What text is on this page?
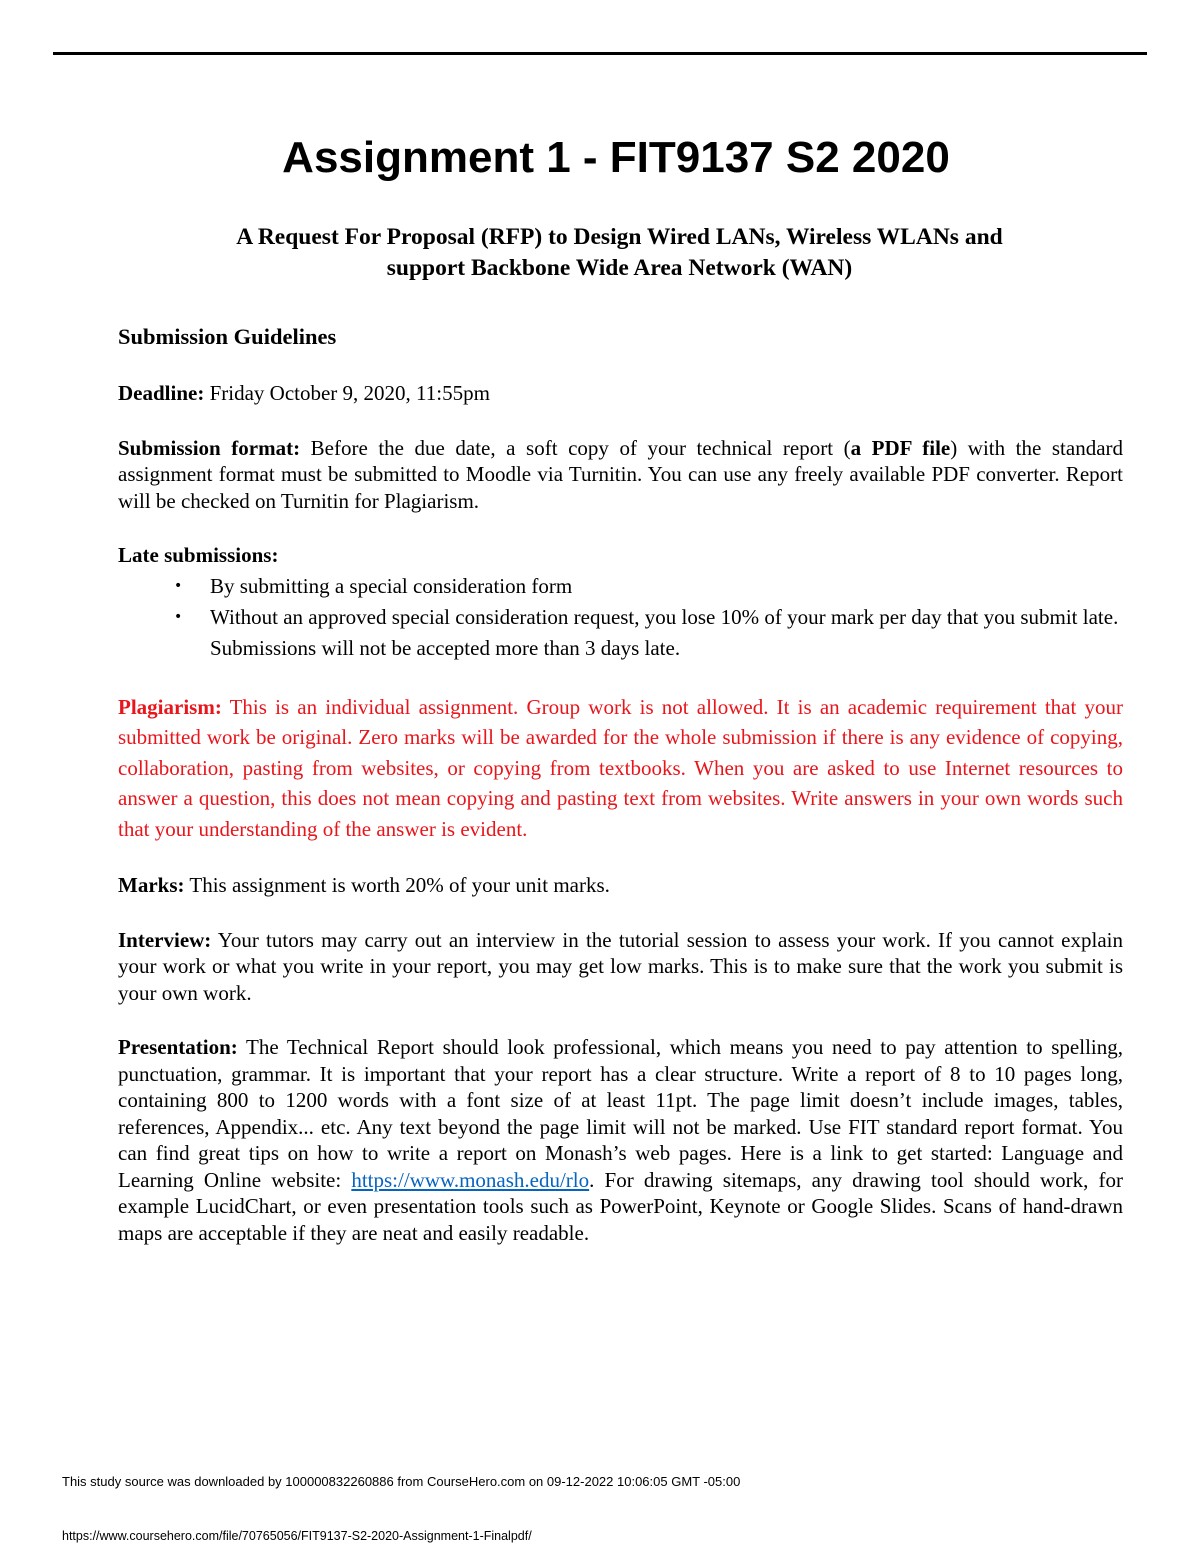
Assignment 1 - FIT9137 S2 2020
A Request For Proposal (RFP) to Design Wired LANs, Wireless WLANs and
support Backbone Wide Area Network (WAN)

Submission Guidelines

Deadline: Friday October 9, 2020, 11:55pm

Submission format: Before the due date, a soft copy of your technical report (a PDF file) with the standard assignment format must be submitted to Moodle via Turnitin. You can use any freely available PDF converter. Report will be checked on Turnitin for Plagiarism.

Late submissions:

• By submitting a special consideration form
• Without an approved special consideration request, you lose 10% of your mark per day that you submit late. Submissions will not be accepted more than 3 days late.

Plagiarism: This is an individual assignment. Group work is not allowed. It is an academic requirement that your submitted work be original. Zero marks will be awarded for the whole submission if there is any evidence of copying, collaboration, pasting from websites, or copying from textbooks. When you are asked to use Internet resources to answer a question, this does not mean copying and pasting text from websites. Write answers in your own words such that your understanding of the answer is evident.

Marks: This assignment is worth 20% of your unit marks.

Interview: Your tutors may carry out an interview in the tutorial session to assess your work. If you cannot explain your work or what you write in your report, you may get low marks. This is to make sure that the work you submit is your own work.

Presentation: The Technical Report should look professional, which means you need to pay attention to spelling, punctuation, grammar. It is important that your report has a clear structure. Write a report of 8 to 10 pages long, containing 800 to 1200 words with a font size of at least 11pt. The page limit doesn’t include images, tables, references, Appendix... etc. Any text beyond the page limit will not be marked. Use FIT standard report format. You can find great tips on how to write a report on Monash’s web pages. Here is a link to get started: Language and Learning Online website: https://www.monash.edu/rlo. For drawing sitemaps, any drawing tool should work, for example LucidChart, or even presentation tools such as PowerPoint, Keynote or Google Slides. Scans of hand-drawn maps are acceptable if they are neat and easily readable.

This study source was downloaded by 100000832260886 from CourseHero.com on 09-12-2022 10:06:05 GMT -05:00
https://www.coursehero.com/file/70765056/FIT9137-S2-2020-Assignment-1-Finalpdf/
